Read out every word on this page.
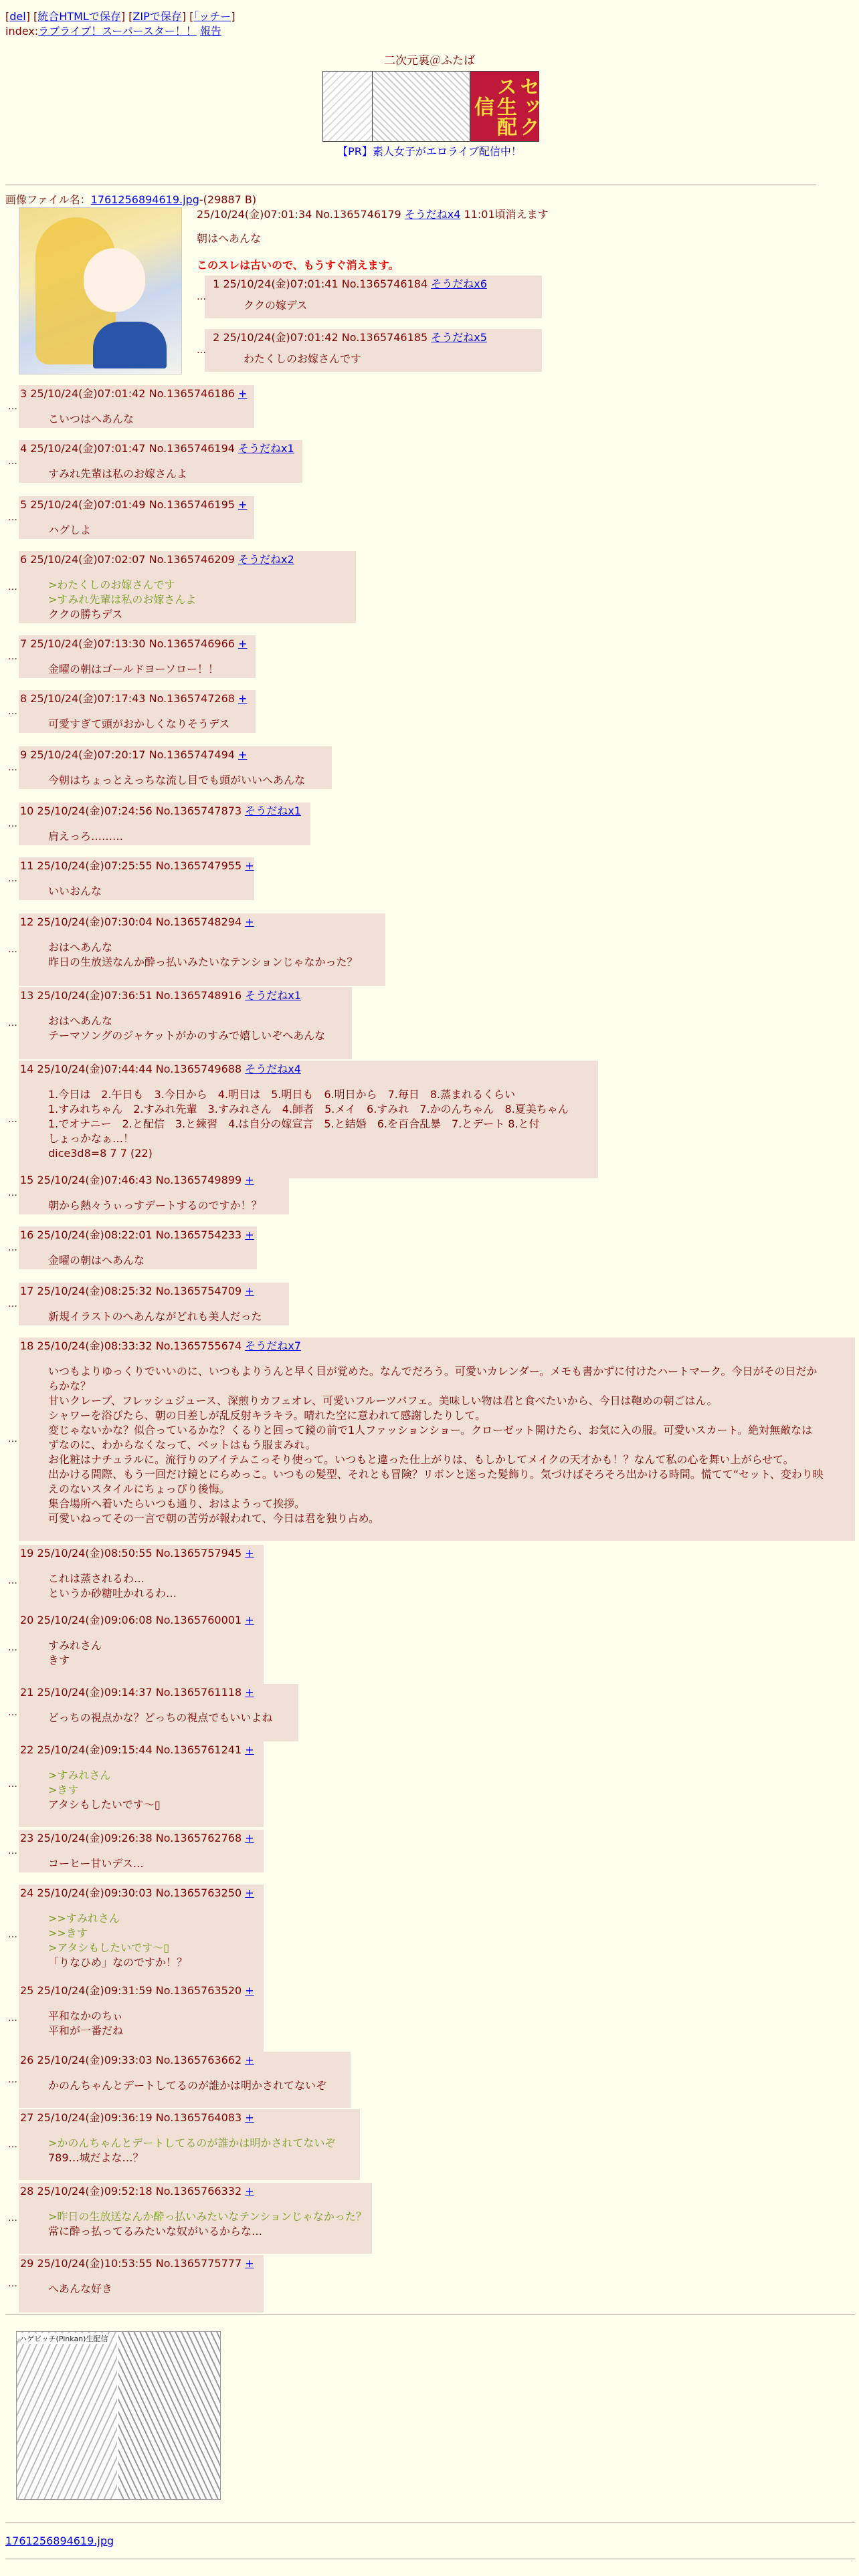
[del] [統合HTMLで保存] [ZIPで保存] [｢ッチー]
index:ラブライブ！スーパースター！！ 報告
二次元裏＠ふたば
セックス生配信
【PR】素人女子がエロライブ配信中！
画像ファイル名：1761256894619.jpg-(29887 B)
25/10/24(金)07:01:34 No.1365746179 そうだねx4 11:01頃消えます
朝はへあんな
このスレは古いので、もうすぐ消えます。
1 25/10/24(金)07:01:41 No.1365746184 そうだねx6
ククの嫁デス
…
2 25/10/24(金)07:01:42 No.1365746185 そうだねx5
わたくしのお嫁さんです
…
3 25/10/24(金)07:01:42 No.1365746186 +
こいつはへあんな
…
4 25/10/24(金)07:01:47 No.1365746194 そうだねx1
すみれ先輩は私のお嫁さんよ
…
5 25/10/24(金)07:01:49 No.1365746195 +
ハグしよ
…
6 25/10/24(金)07:02:07 No.1365746209 そうだねx2
>わたくしのお嫁さんです
>すみれ先輩は私のお嫁さんよ
ククの勝ちデス
…
7 25/10/24(金)07:13:30 No.1365746966 +
金曜の朝はゴールドヨーソロー！！
…
8 25/10/24(金)07:17:43 No.1365747268 +
可愛すぎて頭がおかしくなりそうデス
…
9 25/10/24(金)07:20:17 No.1365747494 +
今朝はちょっとえっちな流し目でも頭がいいへあんな
…
10 25/10/24(金)07:24:56 No.1365747873 そうだねx1
肩えっろ………
…
11 25/10/24(金)07:25:55 No.1365747955 +
いいおんな
…
12 25/10/24(金)07:30:04 No.1365748294 +
おはへあんな
昨日の生放送なんか酔っ払いみたいなテンションじゃなかった？
…
13 25/10/24(金)07:36:51 No.1365748916 そうだねx1
おはへあんな
テーマソングのジャケットがかのすみで嬉しいぞへあんな
…
14 25/10/24(金)07:44:44 No.1365749688 そうだねx4
1.今日は　2.午日も　3.今日から　4.明日は　5.明日も　6.明日から　7.毎日　8.蒸まれるくらい
1.すみれちゃん　2.すみれ先輩　3.すみれさん　4.師者　5.メイ　6.すみれ　7.かのんちゃん　8.夏美ちゃん
1.でオナニー　2.と配信　3.と練習　4.は自分の嫁宣言　5.と結婚　6.を百合乱暴　7.とデート 8.と付
しょっかなぁ…！
dice3d8=8 7 7 (22)
…
15 25/10/24(金)07:46:43 No.1365749899 +
朝から熱々うぃっすデートするのですか！？
…
16 25/10/24(金)08:22:01 No.1365754233 +
金曜の朝はへあんな
…
17 25/10/24(金)08:25:32 No.1365754709 +
新規イラストのへあんながどれも美人だった
…
18 25/10/24(金)08:33:32 No.1365755674 そうだねx7
いつもよりゆっくりでいいのに、いつもよりうんと早く目が覚めた。なんでだろう。可愛いカレンダー。メモも書かずに付けたハートマーク。今日がその日だか
らかな？
甘いクレープ、フレッシュジュース、深煎りカフェオレ、可愛いフルーツパフェ。美味しい物は君と食べたいから、今日は鞄めの朝ごはん。
シャワーを浴びたら、朝の日差しが乱反射キラキラ。晴れた空に意われて感謝したりして。
変じゃないかな？似合っているかな？くるりと回って鏡の前で1人ファッションショー。クローゼット開けたら、お気に入の服。可愛いスカート。絶対無敵なは
ずなのに、わからなくなって、ベットはもう服まみれ。
お化粧はナチュラルに。流行りのアイテムこっそり使って。いつもと違った仕上がりは、もしかしてメイクの天才かも！？なんて私の心を舞い上がらせて。
出かける間際、もう一回だけ鏡とにらめっこ。いつもの髪型、それとも冒険？リボンと迷った髪飾り。気づけばそろそろ出かける時間。慌てて“セット、変わり映
えのないスタイルにちょっぴり後悔。
集合場所へ着いたらいつも通り、おはようって挨拶。
可愛いねってその一言で朝の苦労が報われて、今日は君を独り占め。
…
19 25/10/24(金)08:50:55 No.1365757945 +
これは蒸されるわ…
というか砂糖吐かれるわ…
…
20 25/10/24(金)09:06:08 No.1365760001 +
すみれさん
きす
…
21 25/10/24(金)09:14:37 No.1365761118 +
どっちの視点かな？どっちの視点でもいいよね
…
22 25/10/24(金)09:15:44 No.1365761241 +
>すみれさん
>きす
アタシもしたいです〜▯
…
23 25/10/24(金)09:26:38 No.1365762768 +
コーヒー甘いデス…
…
24 25/10/24(金)09:30:03 No.1365763250 +
>>すみれさん
>>きす
>アタシもしたいです〜▯
「りなひめ」なのですか！？
…
25 25/10/24(金)09:31:59 No.1365763520 +
平和なかのちぃ
平和が一番だね
…
26 25/10/24(金)09:33:03 No.1365763662 +
かのんちゃんとデートしてるのが誰かは明かされてないぞ
…
27 25/10/24(金)09:36:19 No.1365764083 +
>かのんちゃんとデートしてるのが誰かは明かされてないぞ
789…城だよな…？
…
28 25/10/24(金)09:52:18 No.1365766332 +
>昨日の生放送なんか酔っ払いみたいなテンションじゃなかった？
常に酔っ払ってるみたいな奴がいるからな…
…
29 25/10/24(金)10:53:55 No.1365775777 +
へあんな好き
…
ハゲビッチ(Pinkan)生配信
1761256894619.jpg
